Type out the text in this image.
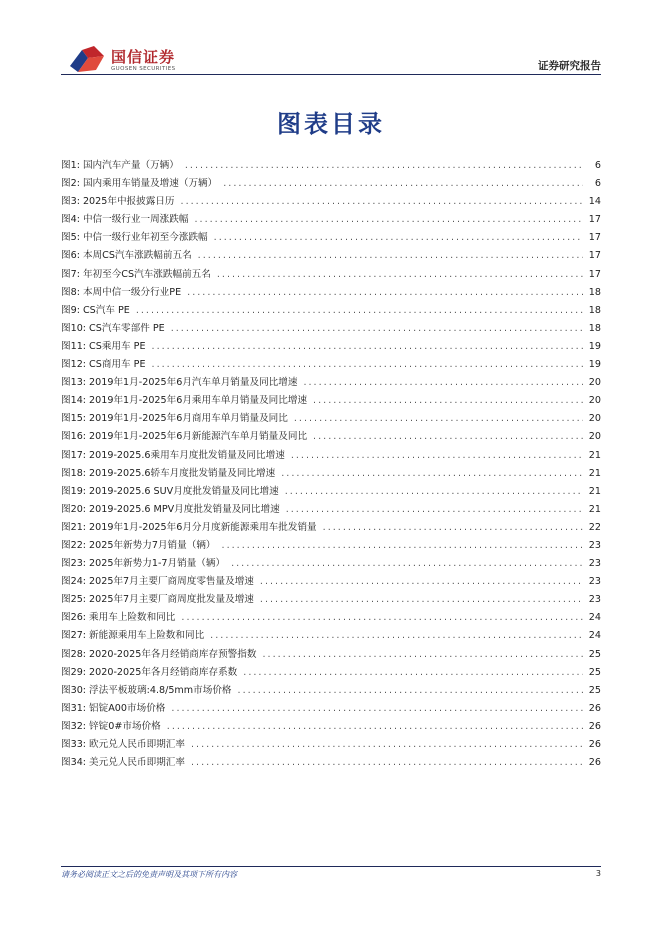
国信证券
GUOSEN SECURITIES	证券研究报告
图表目录
图1: 国内汽车产量（万辆） .....	6
图2: 国内乘用车销量及增速（万辆） .....	6
图3: 2025年中报披露日历 .....	14
图4: 中信一级行业一周涨跌幅 .....	17
图5: 中信一级行业年初至今涨跌幅 .....	17
图6: 本周CS汽车涨跌幅前五名 .....	17
图7: 年初至今CS汽车涨跌幅前五名 .....	17
图8: 本周中信一级分行业PE .....	18
图9: CS汽车 PE .....	18
图10: CS汽车零部件 PE .....	18
图11: CS乘用车 PE .....	19
图12: CS商用车 PE .....	19
图13: 2019年1月-2025年6月汽车单月销量及同比增速 .....	20
图14: 2019年1月-2025年6月乘用车单月销量及同比增速 .....	20
图15: 2019年1月-2025年6月商用车单月销量及同比 .....	20
图16: 2019年1月-2025年6月新能源汽车单月销量及同比 .....	20
图17: 2019-2025.6乘用车月度批发销量及同比增速 .....	21
图18: 2019-2025.6轿车月度批发销量及同比增速 .....	21
图19: 2019-2025.6 SUV月度批发销量及同比增速 .....	21
图20: 2019-2025.6 MPV月度批发销量及同比增速 .....	21
图21: 2019年1月-2025年6月分月度新能源乘用车批发销量 .....	22
图22: 2025年新势力7月销量（辆） .....	23
图23: 2025年新势力1-7月销量（辆） .....	23
图24: 2025年7月主要厂商周度零售量及增速 .....	23
图25: 2025年7月主要厂商周度批发量及增速 .....	23
图26: 乘用车上险数和同比 .....	24
图27: 新能源乘用车上险数和同比 .....	24
图28: 2020-2025年各月经销商库存预警指数 .....	25
图29: 2020-2025年各月经销商库存系数 .....	25
图30: 浮法平板玻璃:4.8/5mm市场价格 .....	25
图31: 铝锭A00市场价格 .....	26
图32: 锌锭0#市场价格 .....	26
图33: 欧元兑人民币即期汇率 .....	26
图34: 美元兑人民币即期汇率 .....	26
请务必阅读正文之后的免责声明及其项下所有内容	3
